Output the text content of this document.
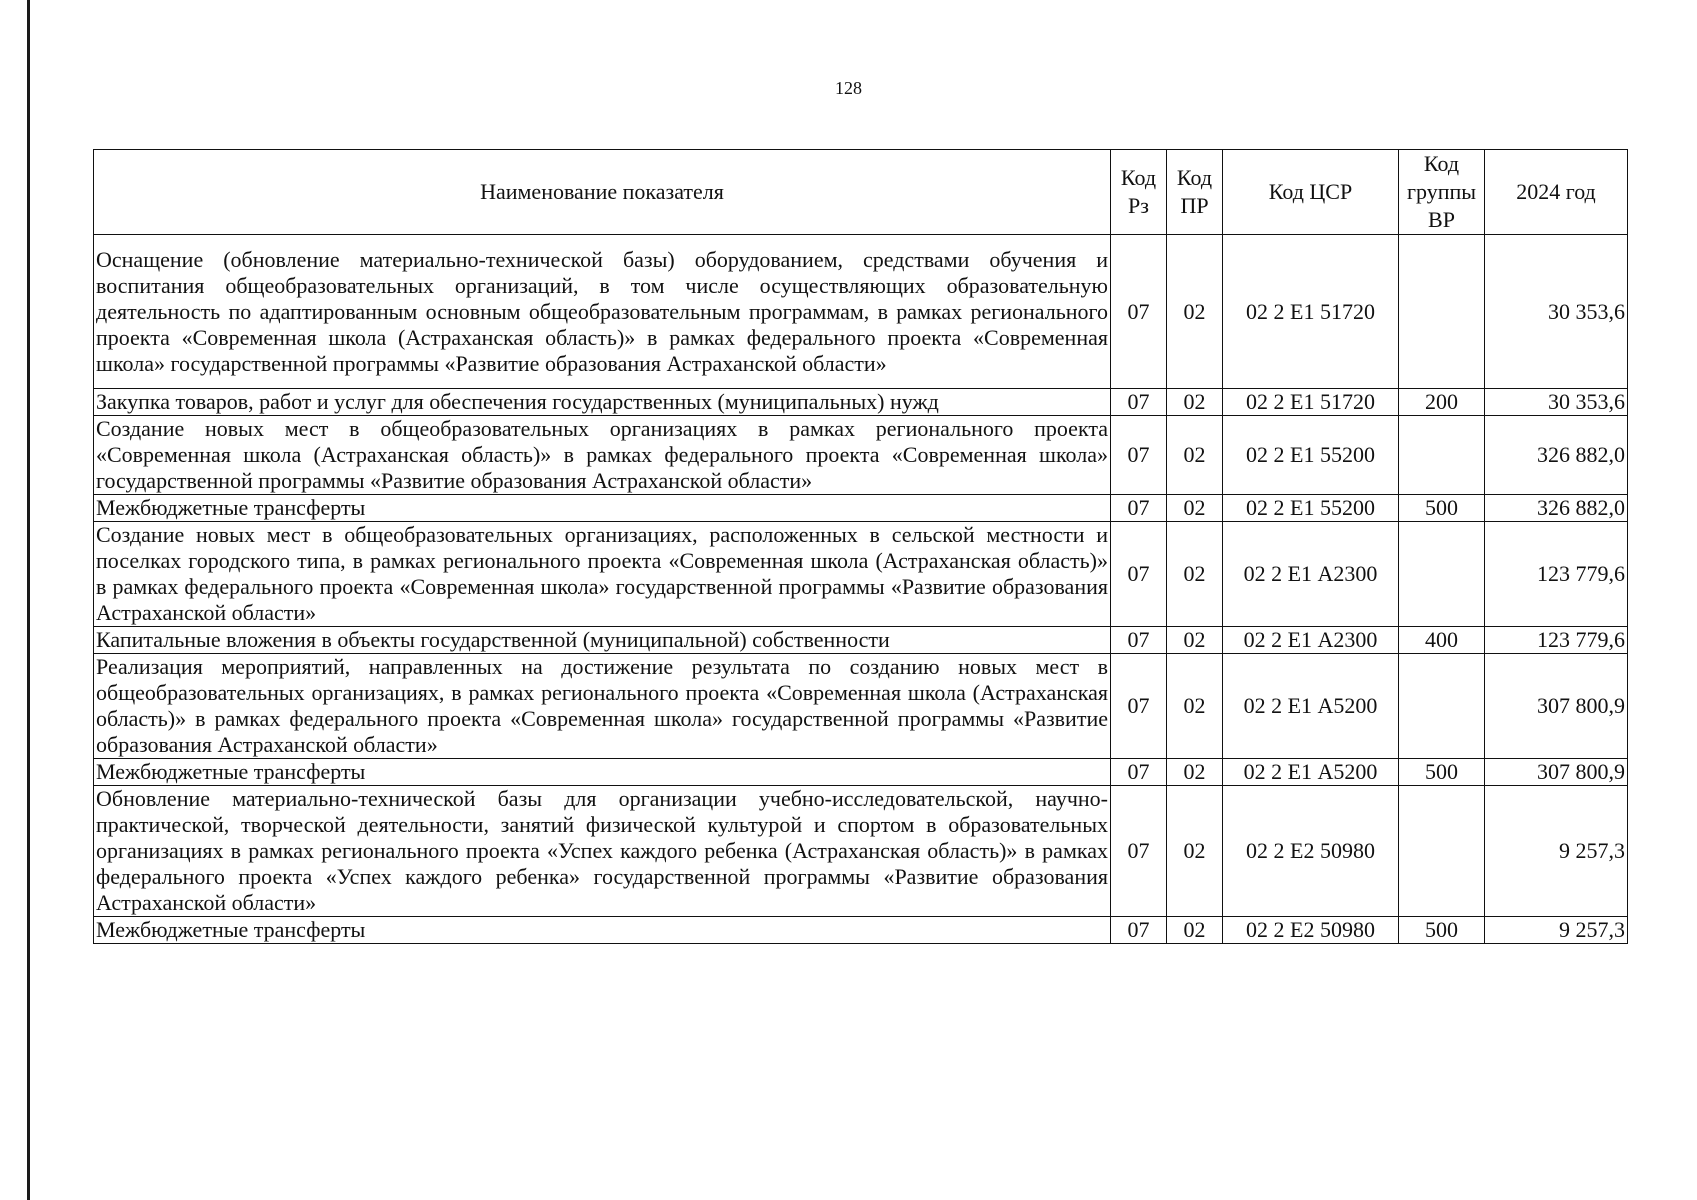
128
Наименование показателя	Код Рз	Код ПР	Код ЦСР	Код группы ВР	2024 год
Оснащение (обновление материально-технической базы) оборудованием, средствами обучения и воспитания общеобразовательных организаций, в том числе осуществляющих образовательную деятельность по адаптированным основным общеобразовательным программам, в рамках регионального проекта «Современная школа (Астраханская область)» в рамках федерального проекта «Современная школа» государственной программы «Развитие образования Астраханской области»	07	02	02 2 Е1 51720		30 353,6
Закупка товаров, работ и услуг для обеспечения государственных (муниципальных) нужд	07	02	02 2 Е1 51720	200	30 353,6
Создание новых мест в общеобразовательных организациях в рамках регионального проекта «Современная школа (Астраханская область)» в рамках федерального проекта «Современная школа» государственной программы «Развитие образования Астраханской области»	07	02	02 2 Е1 55200		326 882,0
Межбюджетные трансферты	07	02	02 2 Е1 55200	500	326 882,0
Создание новых мест в общеобразовательных организациях, расположенных в сельской местности и поселках городского типа, в рамках регионального проекта «Современная школа (Астраханская область)» в рамках федерального проекта «Современная школа» государственной программы «Развитие образования Астраханской области»	07	02	02 2 Е1 А2300		123 779,6
Капитальные вложения в объекты государственной (муниципальной) собственности	07	02	02 2 Е1 А2300	400	123 779,6
Реализация мероприятий, направленных на достижение результата по созданию новых мест в общеобразовательных организациях, в рамках регионального проекта «Современная школа (Астраханская область)» в рамках федерального проекта «Современная школа» государственной программы «Развитие образования Астраханской области»	07	02	02 2 Е1 А5200		307 800,9
Межбюджетные трансферты	07	02	02 2 Е1 А5200	500	307 800,9
Обновление материально-технической базы для организации учебно-исследовательской, научно-практической, творческой деятельности, занятий физической культурой и спортом в образовательных организациях в рамках регионального проекта «Успех каждого ребенка (Астраханская область)» в рамках федерального проекта «Успех каждого ребенка» государственной программы «Развитие образования Астраханской области»	07	02	02 2 Е2 50980		9 257,3
Межбюджетные трансферты	07	02	02 2 Е2 50980	500	9 257,3
